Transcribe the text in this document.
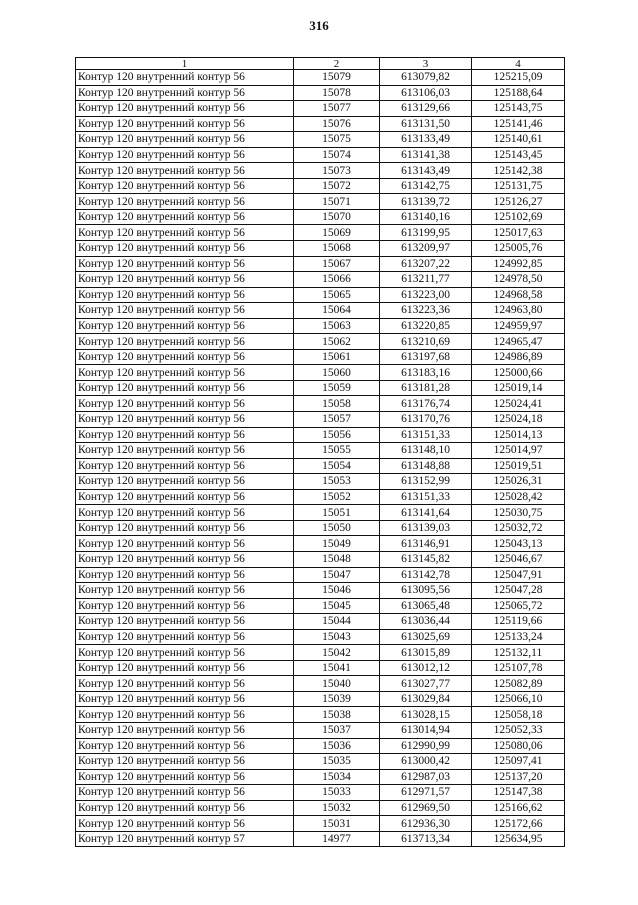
316
1	2	3	4
Контур 120 внутренний контур 56	15079	613079,82	125215,09
Контур 120 внутренний контур 56	15078	613106,03	125188,64
Контур 120 внутренний контур 56	15077	613129,66	125143,75
Контур 120 внутренний контур 56	15076	613131,50	125141,46
Контур 120 внутренний контур 56	15075	613133,49	125140,61
Контур 120 внутренний контур 56	15074	613141,38	125143,45
Контур 120 внутренний контур 56	15073	613143,49	125142,38
Контур 120 внутренний контур 56	15072	613142,75	125131,75
Контур 120 внутренний контур 56	15071	613139,72	125126,27
Контур 120 внутренний контур 56	15070	613140,16	125102,69
Контур 120 внутренний контур 56	15069	613199,95	125017,63
Контур 120 внутренний контур 56	15068	613209,97	125005,76
Контур 120 внутренний контур 56	15067	613207,22	124992,85
Контур 120 внутренний контур 56	15066	613211,77	124978,50
Контур 120 внутренний контур 56	15065	613223,00	124968,58
Контур 120 внутренний контур 56	15064	613223,36	124963,80
Контур 120 внутренний контур 56	15063	613220,85	124959,97
Контур 120 внутренний контур 56	15062	613210,69	124965,47
Контур 120 внутренний контур 56	15061	613197,68	124986,89
Контур 120 внутренний контур 56	15060	613183,16	125000,66
Контур 120 внутренний контур 56	15059	613181,28	125019,14
Контур 120 внутренний контур 56	15058	613176,74	125024,41
Контур 120 внутренний контур 56	15057	613170,76	125024,18
Контур 120 внутренний контур 56	15056	613151,33	125014,13
Контур 120 внутренний контур 56	15055	613148,10	125014,97
Контур 120 внутренний контур 56	15054	613148,88	125019,51
Контур 120 внутренний контур 56	15053	613152,99	125026,31
Контур 120 внутренний контур 56	15052	613151,33	125028,42
Контур 120 внутренний контур 56	15051	613141,64	125030,75
Контур 120 внутренний контур 56	15050	613139,03	125032,72
Контур 120 внутренний контур 56	15049	613146,91	125043,13
Контур 120 внутренний контур 56	15048	613145,82	125046,67
Контур 120 внутренний контур 56	15047	613142,78	125047,91
Контур 120 внутренний контур 56	15046	613095,56	125047,28
Контур 120 внутренний контур 56	15045	613065,48	125065,72
Контур 120 внутренний контур 56	15044	613036,44	125119,66
Контур 120 внутренний контур 56	15043	613025,69	125133,24
Контур 120 внутренний контур 56	15042	613015,89	125132,11
Контур 120 внутренний контур 56	15041	613012,12	125107,78
Контур 120 внутренний контур 56	15040	613027,77	125082,89
Контур 120 внутренний контур 56	15039	613029,84	125066,10
Контур 120 внутренний контур 56	15038	613028,15	125058,18
Контур 120 внутренний контур 56	15037	613014,94	125052,33
Контур 120 внутренний контур 56	15036	612990,99	125080,06
Контур 120 внутренний контур 56	15035	613000,42	125097,41
Контур 120 внутренний контур 56	15034	612987,03	125137,20
Контур 120 внутренний контур 56	15033	612971,57	125147,38
Контур 120 внутренний контур 56	15032	612969,50	125166,62
Контур 120 внутренний контур 56	15031	612936,30	125172,66
Контур 120 внутренний контур 57	14977	613713,34	125634,95
